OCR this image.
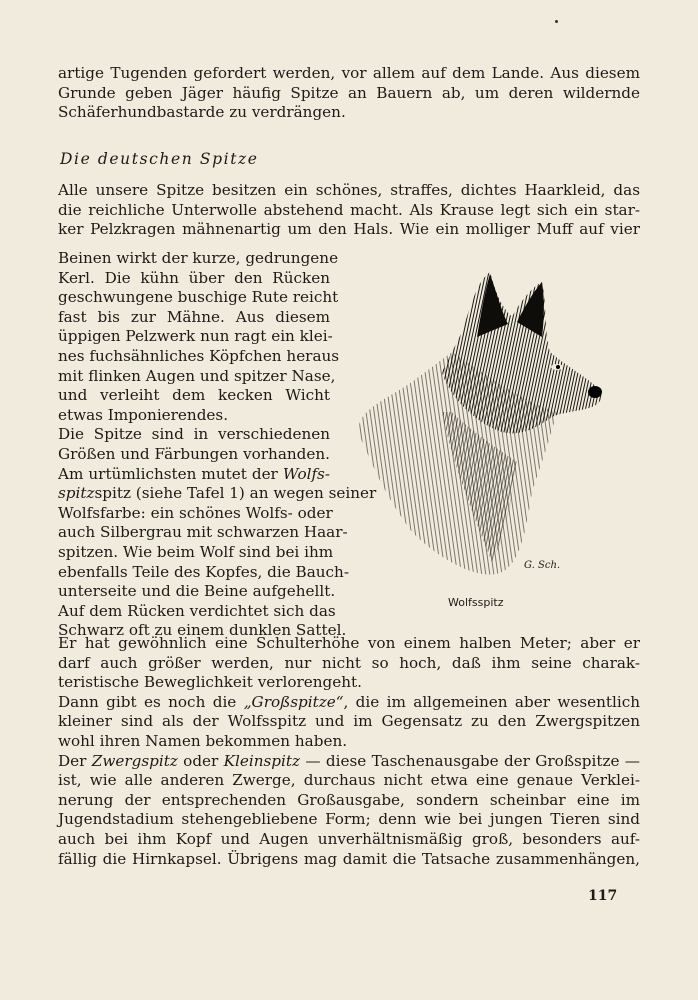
artige Tugenden gefordert werden, vor allem auf dem Lande. Aus diesem
Grunde geben Jäger häufig Spitze an Bauern ab, um deren wildernde
Schäferhundbastarde zu verdrängen.
Die deutschen Spitze
Alle unsere Spitze besitzen ein schönes, straffes, dichtes Haarkleid, das
die reichliche Unterwolle abstehend macht. Als Krause legt sich ein star-
ker Pelzkragen mähnenartig um den Hals. Wie ein molliger Muff auf vier
Beinen wirkt der kurze, gedrungene
Kerl. Die kühn über den Rücken
geschwungene buschige Rute reicht
fast bis zur Mähne. Aus diesem
üppigen Pelzwerk nun ragt ein klei-
nes fuchsähnliches Köpfchen heraus
mit flinken Augen und spitzer Nase,
und verleiht dem kecken Wicht
etwas Imponierendes.
Die Spitze sind in verschiedenen
Größen und Färbungen vorhanden.
Am urtümlichsten mutet der Wolfs-
spitzspitz (siehe Tafel 1) an wegen seiner
Wolfsfarbe: ein schönes Wolfs- oder
auch Silbergrau mit schwarzen Haar-
spitzen. Wie beim Wolf sind bei ihm
ebenfalls Teile des Kopfes, die Bauch-
unterseite und die Beine aufgehellt.
Auf dem Rücken verdichtet sich das
Schwarz oft zu einem dunklen Sattel.
G. Sch.
Wolfsspitz
Er hat gewöhnlich eine Schulterhöhe von einem halben Meter; aber er
darf auch größer werden, nur nicht so hoch, daß ihm seine charak-
teristische Beweglichkeit verlorengeht.
Dann gibt es noch die „Großspitze“, die im allgemeinen aber wesentlich
kleiner sind als der Wolfsspitz und im Gegensatz zu den Zwergspitzen
wohl ihren Namen bekommen haben.
Der Zwergspitz oder Kleinspitz — diese Taschenausgabe der Großspitze —
ist, wie alle anderen Zwerge, durchaus nicht etwa eine genaue Verklei-
nerung der entsprechenden Großausgabe, sondern scheinbar eine im
Jugendstadium stehengebliebene Form; denn wie bei jungen Tieren sind
auch bei ihm Kopf und Augen unverhältnismäßig groß, besonders auf-
fällig die Hirnkapsel. Übrigens mag damit die Tatsache zusammenhängen,
117
